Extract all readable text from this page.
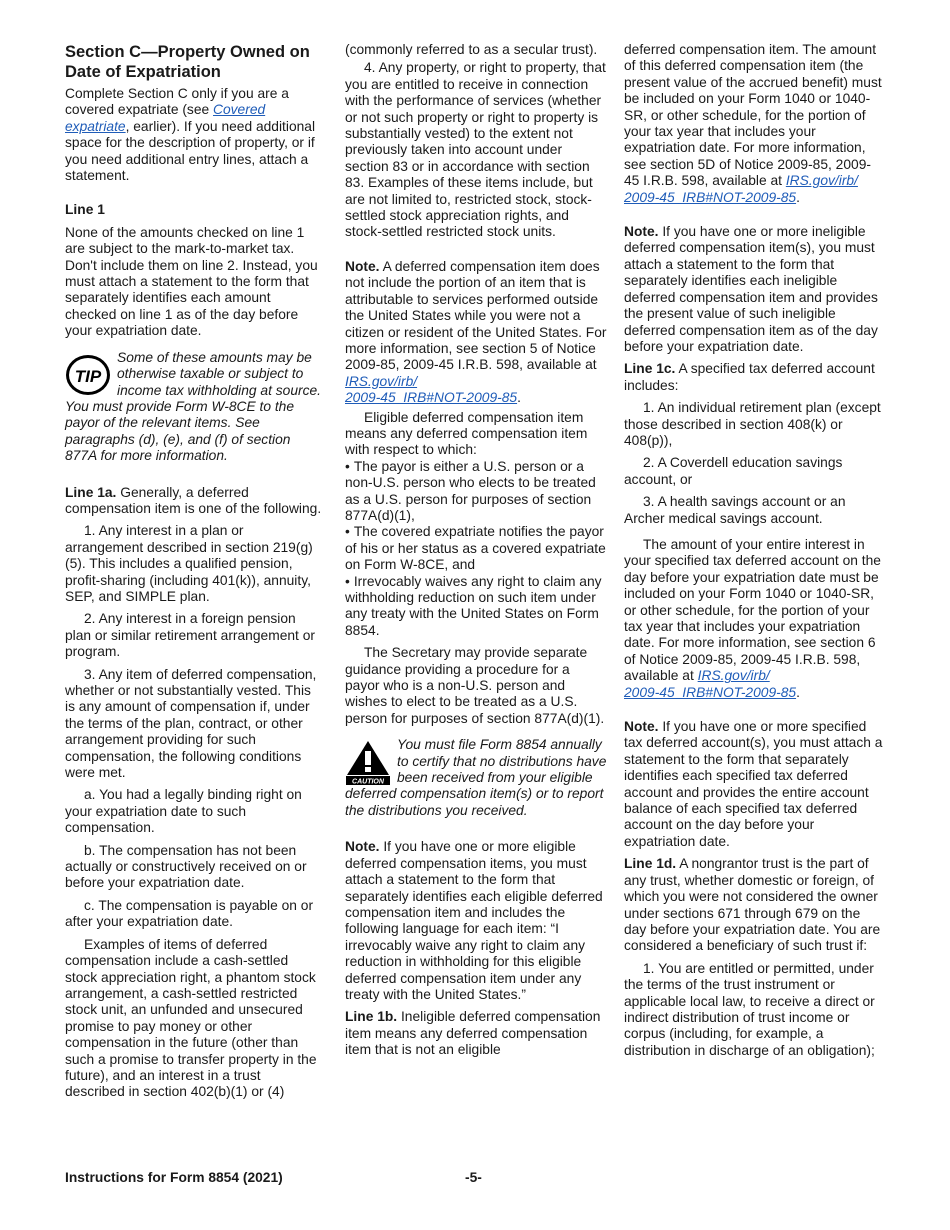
Section C—Property Owned on Date of Expatriation

Complete Section C only if you are a covered expatriate (see Covered expatriate, earlier). If you need additional space for the description of property, or if you need additional entry lines, attach a statement.

Line 1

None of the amounts checked on line 1 are subject to the mark-to-market tax. Don't include them on line 2. Instead, you must attach a statement to the form that separately identifies each amount checked on line 1 as of the day before your expatriation date.

TIP
Some of these amounts may be otherwise taxable or subject to income tax withholding at source. You must provide Form W-8CE to the payor of the relevant items. See paragraphs (d), (e), and (f) of section 877A for more information.

Line 1a. Generally, a deferred compensation item is one of the following.

1. Any interest in a plan or arrangement described in section 219(g)(5). This includes a qualified pension, profit-sharing (including 401(k)), annuity, SEP, and SIMPLE plan.

2. Any interest in a foreign pension plan or similar retirement arrangement or program.

3. Any item of deferred compensation, whether or not substantially vested. This is any amount of compensation if, under the terms of the plan, contract, or other arrangement providing for such compensation, the following conditions were met.

a. You had a legally binding right on your expatriation date to such compensation.

b. The compensation has not been actually or constructively received on or before your expatriation date.

c. The compensation is payable on or after your expatriation date.

Examples of items of deferred compensation include a cash-settled stock appreciation right, a phantom stock arrangement, a cash-settled restricted stock unit, an unfunded and unsecured promise to pay money or other compensation in the future (other than such a promise to transfer property in the future), and an interest in a trust described in section 402(b)(1) or (4)

(commonly referred to as a secular trust).

4. Any property, or right to property, that you are entitled to receive in connection with the performance of services (whether or not such property or right to property is substantially vested) to the extent not previously taken into account under section 83 or in accordance with section 83. Examples of these items include, but are not limited to, restricted stock, stock-settled stock appreciation rights, and stock-settled restricted stock units.

Note. A deferred compensation item does not include the portion of an item that is attributable to services performed outside the United States while you were not a citizen or resident of the United States. For more information, see section 5 of Notice 2009-85, 2009-45 I.R.B. 598, available at
IRS.gov/irb/
2009-45_IRB#NOT-2009-85.

Eligible deferred compensation item means any deferred compensation item with respect to which:

• The payor is either a U.S. person or a non-U.S. person who elects to be treated as a U.S. person for purposes of section 877A(d)(1),

• The covered expatriate notifies the payor of his or her status as a covered expatriate on Form W-8CE, and

• Irrevocably waives any right to claim any withholding reduction on such item under any treaty with the United States on Form 8854.

The Secretary may provide separate guidance providing a procedure for a payor who is a non-U.S. person and wishes to elect to be treated as a U.S. person for purposes of section 877A(d)(1).

CAUTION
You must file Form 8854 annually to certify that no distributions have been received from your eligible deferred compensation item(s) or to report the distributions you received.

Note. If you have one or more eligible deferred compensation items, you must attach a statement to the form that separately identifies each eligible deferred compensation item and includes the following language for each item: “I irrevocably waive any right to claim any reduction in withholding for this eligible deferred compensation item under any treaty with the United States.”

Line 1b. Ineligible deferred compensation item means any deferred compensation item that is not an eligible

deferred compensation item. The amount of this deferred compensation item (the present value of the accrued benefit) must be included on your Form 1040 or 1040-SR, or other schedule, for the portion of your tax year that includes your expatriation date. For more information, see section 5D of Notice 2009-85, 2009-45 I.R.B. 598, available at IRS.gov/irb/
2009-45_IRB#NOT-2009-85.

Note. If you have one or more ineligible deferred compensation item(s), you must attach a statement to the form that separately identifies each ineligible deferred compensation item and provides the present value of such ineligible deferred compensation item as of the day before your expatriation date.

Line 1c. A specified tax deferred account includes:

1. An individual retirement plan (except those described in section 408(k) or 408(p)),

2. A Coverdell education savings account, or

3. A health savings account or an Archer medical savings account.

The amount of your entire interest in your specified tax deferred account on the day before your expatriation date must be included on your Form 1040 or 1040-SR, or other schedule, for the portion of your tax year that includes your expatriation date. For more information, see section 6 of Notice 2009-85, 2009-45 I.R.B. 598, available at IRS.gov/irb/
2009-45_IRB#NOT-2009-85.

Note. If you have one or more specified tax deferred account(s), you must attach a statement to the form that separately identifies each specified tax deferred account and provides the entire account balance of each specified tax deferred account on the day before your expatriation date.

Line 1d. A nongrantor trust is the part of any trust, whether domestic or foreign, of which you were not considered the owner under sections 671 through 679 on the day before your expatriation date. You are considered a beneficiary of such trust if:

1. You are entitled or permitted, under the terms of the trust instrument or applicable local law, to receive a direct or indirect distribution of trust income or corpus (including, for example, a distribution in discharge of an obligation);

Instructions for Form 8854 (2021)	-5-
